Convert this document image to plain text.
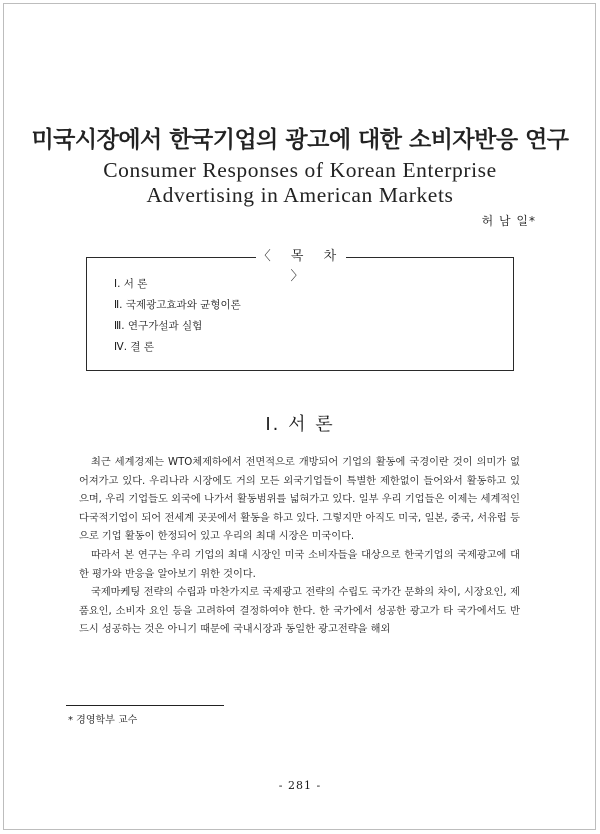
미국시장에서 한국기업의 광고에 대한 소비자반응 연구
Consumer Responses of Korean Enterprise Advertising in American Markets
허 남 일*
〈 목 차 〉
Ⅰ. 서 론
Ⅱ. 국제광고효과와 균형이론
Ⅲ. 연구가설과 실험
Ⅳ. 결 론
Ⅰ. 서 론

최근 세계경제는 WTO체제하에서 전면적으로 개방되어 기업의 활동에 국경이란 것이 의미가 없어져가고 있다. 우리나라 시장에도 거의 모든 외국기업들이 특별한 제한없이 들어와서 활동하고 있으며, 우리 기업들도 외국에 나가서 활동범위를 넓혀가고 있다. 일부 우리 기업들은 이제는 세계적인 다국적기업이 되어 전세계 곳곳에서 활동을 하고 있다. 그렇지만 아직도 미국, 일본, 중국, 서유럽 등으로 기업 활동이 한정되어 있고 우리의 최대 시장은 미국이다.

따라서 본 연구는 우리 기업의 최대 시장인 미국 소비자들을 대상으로 한국기업의 국제광고에 대한 평가와 반응을 알아보기 위한 것이다.

국제마케팅 전략의 수립과 마찬가지로 국제광고 전략의 수립도 국가간 문화의 차이, 시장요인, 제품요인, 소비자 요인 등을 고려하여 결정하여야 한다. 한 국가에서 성공한 광고가 타 국가에서도 반드시 성공하는 것은 아니기 때문에 국내시장과 동일한 광고전략을 해외

* 경영학부 교수
- 281 -
